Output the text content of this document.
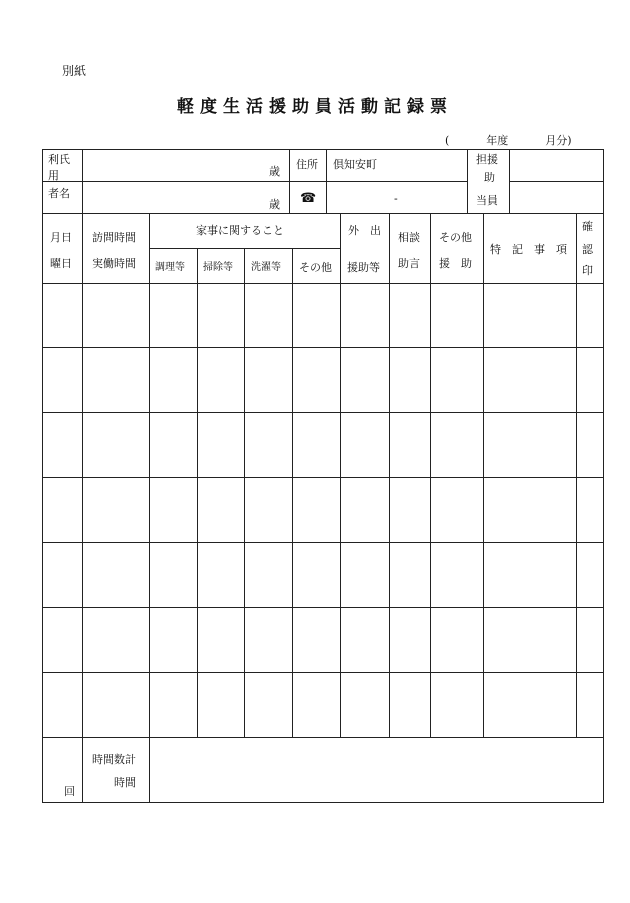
別紙
軽度生活援助員活動記録票
(	年度	月分)
利氏
用
者名
歳
歳
住所
☎
倶知安町
-
担援
助
当員
月日
曜日
訪問時間
実働時間
家事に関すること
調理等 掃除等 洗濯等 その他
外　出
援助等
相談
助言
その他
援　助
特　記　事　項
確
認
印
回
時間数計
時間
